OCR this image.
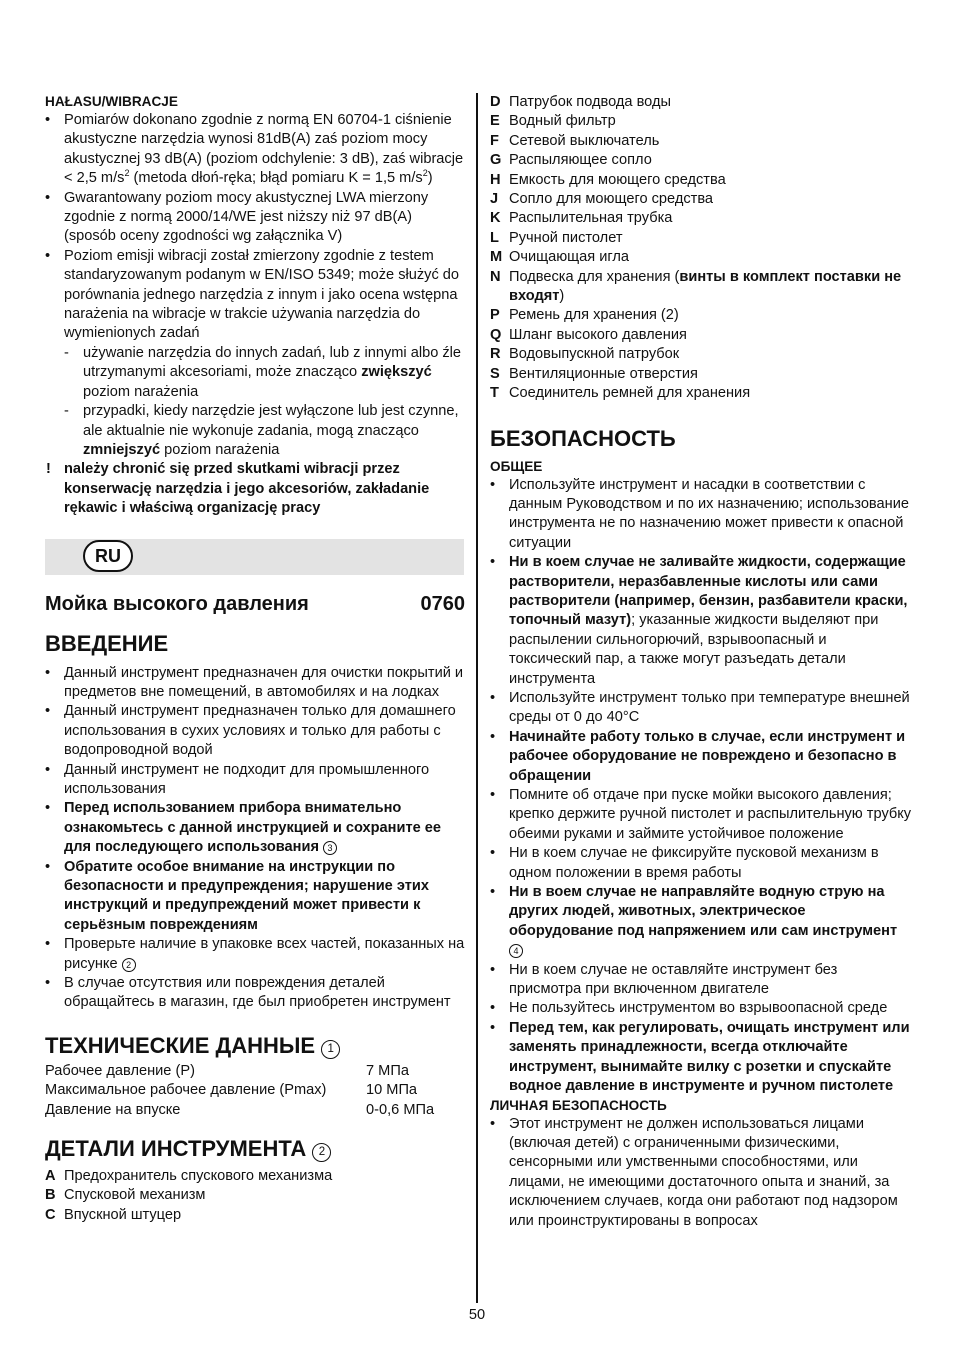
HAŁASU/WIBRACJE
• Pomiarów dokonano zgodnie z normą EN 60704-1 ciśnienie akustyczne narzędzia wynosi 81dB(A) zaś poziom mocy akustycznej 93 dB(A) (poziom odchylenie: 3 dB), zaś wibracje < 2,5 $m/s^2$ (metoda dłoń-ręka; błąd pomiaru K = 1,5 $m/s^2$)
• Gwarantowany poziom mocy akustycznej LWA mierzony zgodnie z normą 2000/14/WE jest niższy niż 97 dB(A) (sposób oceny zgodności wg załącznika V)
• Poziom emisji wibracji został zmierzony zgodnie z testem standaryzowanym podanym w EN/ISO 5349; może służyć do porównania jednego narzędzia z innym i jako ocena wstępna narażenia na wibracje w trakcie używania narzędzia do wymienionych zadań
- używanie narzędzia do innych zadań, lub z innymi albo źle utrzymanymi akcesoriami, może znacząco zwiększyć poziom narażenia
- przypadki, kiedy narzędzie jest wyłączone lub jest czynne, ale aktualnie nie wykonuje zadania, mogą znacząco zmniejszyć poziom narażenia
! należy chronić się przed skutkami wibracji przez konserwację narzędzia i jego akcesoriów, zakładanie rękawic i właściwą organizację pracy
RU
Мойка высокого давления	0760
ВВЕДЕНИЕ
• Данный инструмент предназначен для очистки покрытий и предметов вне помещений, в автомобилях и на лодках
• Данный инструмент предназначен только для домашнего использования в сухих условиях и только для работы с водопроводной водой
• Данный инструмент не подходит для промышленного использования
• Перед использованием прибора внимательно ознакомьтесь с данной инструкцией и сохраните ее для последующего использования 3
• Обратите особое внимание на инструкции по безопасности и предупреждения; нарушение этих инструкций и предупреждений может привести к серьёзным повреждениям
• Проверьте наличие в упаковке всех частей, показанных на рисунке 2
• В случае отсутствия или повреждения деталей обращайтесь в магазин, где был приобретен инструмент
ТЕХНИЧЕСКИЕ ДАННЫЕ 1
Рабочее давление (P)	7 МПа
Максимальное рабочее давление (Pmax)	10 МПа
Давление на впуске	0-0,6 МПа
ДЕТАЛИ ИНСТРУМЕНТА 2
A Предохранитель спускового механизма
B Спусковой механизм
C Впускной штуцер
D Патрубок подвода воды
E Водный фильтр
F Сетевой выключатель
G Распыляющее сопло
H Емкость для моющего средства
J Сопло для моющего средства
K Распылительная трубка
L Ручной пистолет
M Очищающая игла
N Подвеска для хранения (винты в комплект поставки не входят)
P Ремень для хранения (2)
Q Шланг высокого давления
R Водовыпускной патрубок
S Вентиляционные отверстия
T Соединитель ремней для хранения
БЕЗОПАСНОСТЬ
ОБЩЕЕ
• Используйте инструмент и насадки в соответствии с данным Руководством и по их назначению; использование инструмента не по назначению может привести к опасной ситуации
• Ни в коем случае не заливайте жидкости, содержащие растворители, неразбавленные кислоты или сами растворители (например, бензин, разбавители краски, топочный мазут); указанные жидкости выделяют при распылении сильногорючий, взрывоопасный и токсический пар, а также могут разъедать детали инструмента
• Используйте инструмент только при температуре внешней среды от 0 до 40°C
• Начинайте работу только в случае, если инструмент и рабочее оборудование не повреждено и безопасно в обращении
• Помните об отдаче при пуске мойки высокого давления; крепко держите ручной пистолет и распылительную трубку обеими руками и займите устойчивое положение
• Ни в коем случае не фиксируйте пусковой механизм в одном положении в время работы
• Ни в воем случае не направляйте водную струю на других людей, животных, электрическое оборудование под напряжением или сам инструмент 4
• Ни в коем случае не оставляйте инструмент без присмотра при включенном двигателе
• Не пользуйтесь инструментом во взрывоопасной среде
• Перед тем, как регулировать, очищать инструмент или заменять принадлежности, всегда отключайте инструмент, вынимайте вилку с розетки и спускайте водное давление в инструменте и ручном пистолете
ЛИЧНАЯ БЕЗОПАСНОСТЬ
• Этот инструмент не должен использоваться лицами (включая детей) с ограниченными физическими, сенсорными или умственными способностями, или лицами, не имеющими достаточного опыта и знаний, за исключением случаев, когда они работают под надзором или проинструктированы в вопросах
50
